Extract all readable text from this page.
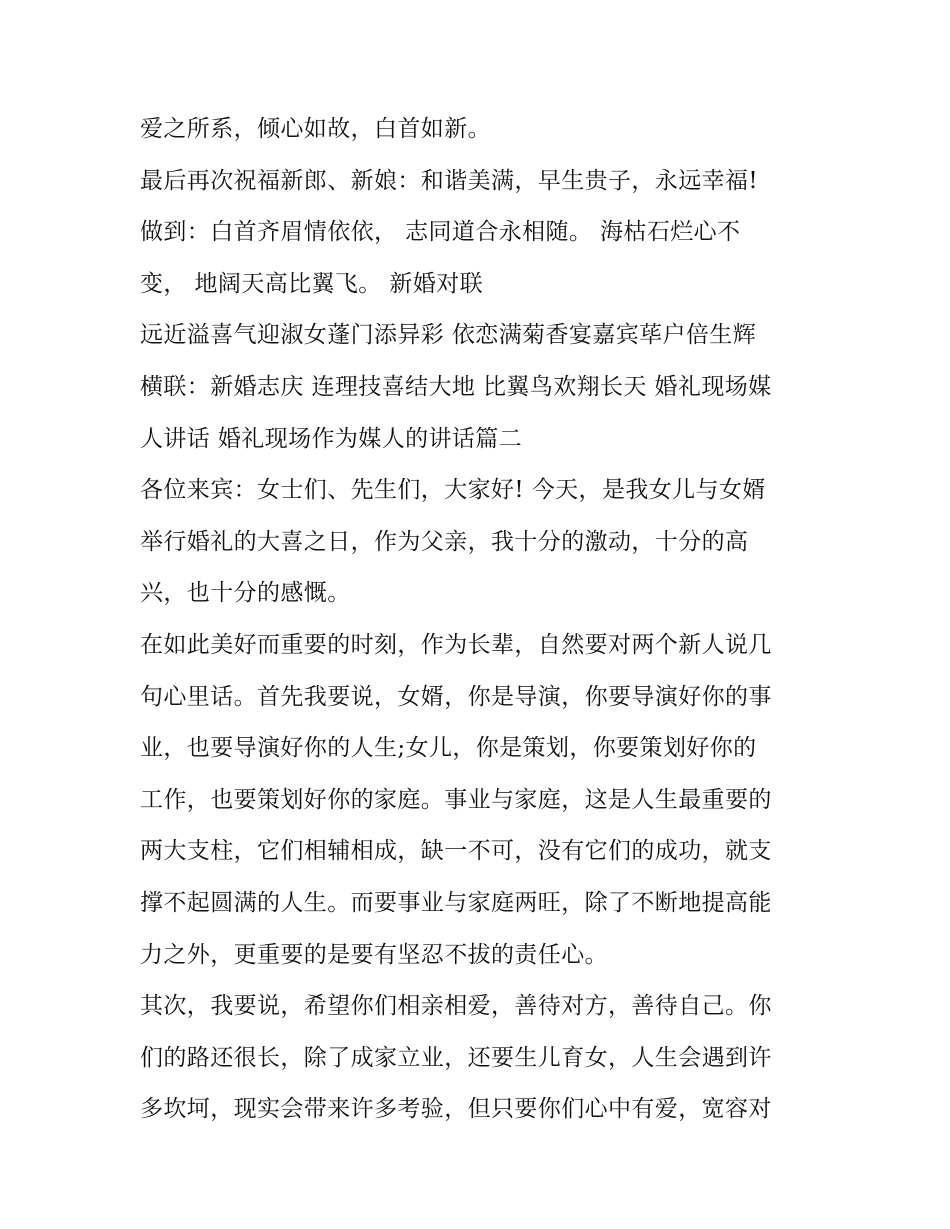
爱之所系，倾心如故，白首如新。
最后再次祝福新郎、新娘：和谐美满，早生贵子，永远幸福!
做到：白首齐眉情依依， 志同道合永相随。 海枯石烂心不
变， 地阔天高比翼飞。 新婚对联
远近溢喜气迎淑女蓬门添异彩 依恋满菊香宴嘉宾荜户倍生辉
横联：新婚志庆 连理技喜结大地 比翼鸟欢翔长天 婚礼现场媒
人讲话 婚礼现场作为媒人的讲话篇二
各位来宾：女士们、先生们，大家好! 今天，是我女儿与女婿
举行婚礼的大喜之日，作为父亲，我十分的激动，十分的高
兴，也十分的感慨。
在如此美好而重要的时刻，作为长辈，自然要对两个新人说几
句心里话。首先我要说，女婿，你是导演，你要导演好你的事
业，也要导演好你的人生;女儿，你是策划，你要策划好你的
工作，也要策划好你的家庭。事业与家庭，这是人生最重要的
两大支柱，它们相辅相成，缺一不可，没有它们的成功，就支
撑不起圆满的人生。而要事业与家庭两旺，除了不断地提高能
力之外，更重要的是要有坚忍不拔的责任心。
其次，我要说，希望你们相亲相爱，善待对方，善待自己。你
们的路还很长，除了成家立业，还要生儿育女，人生会遇到许
多坎坷，现实会带来许多考验，但只要你们心中有爱，宽容对
